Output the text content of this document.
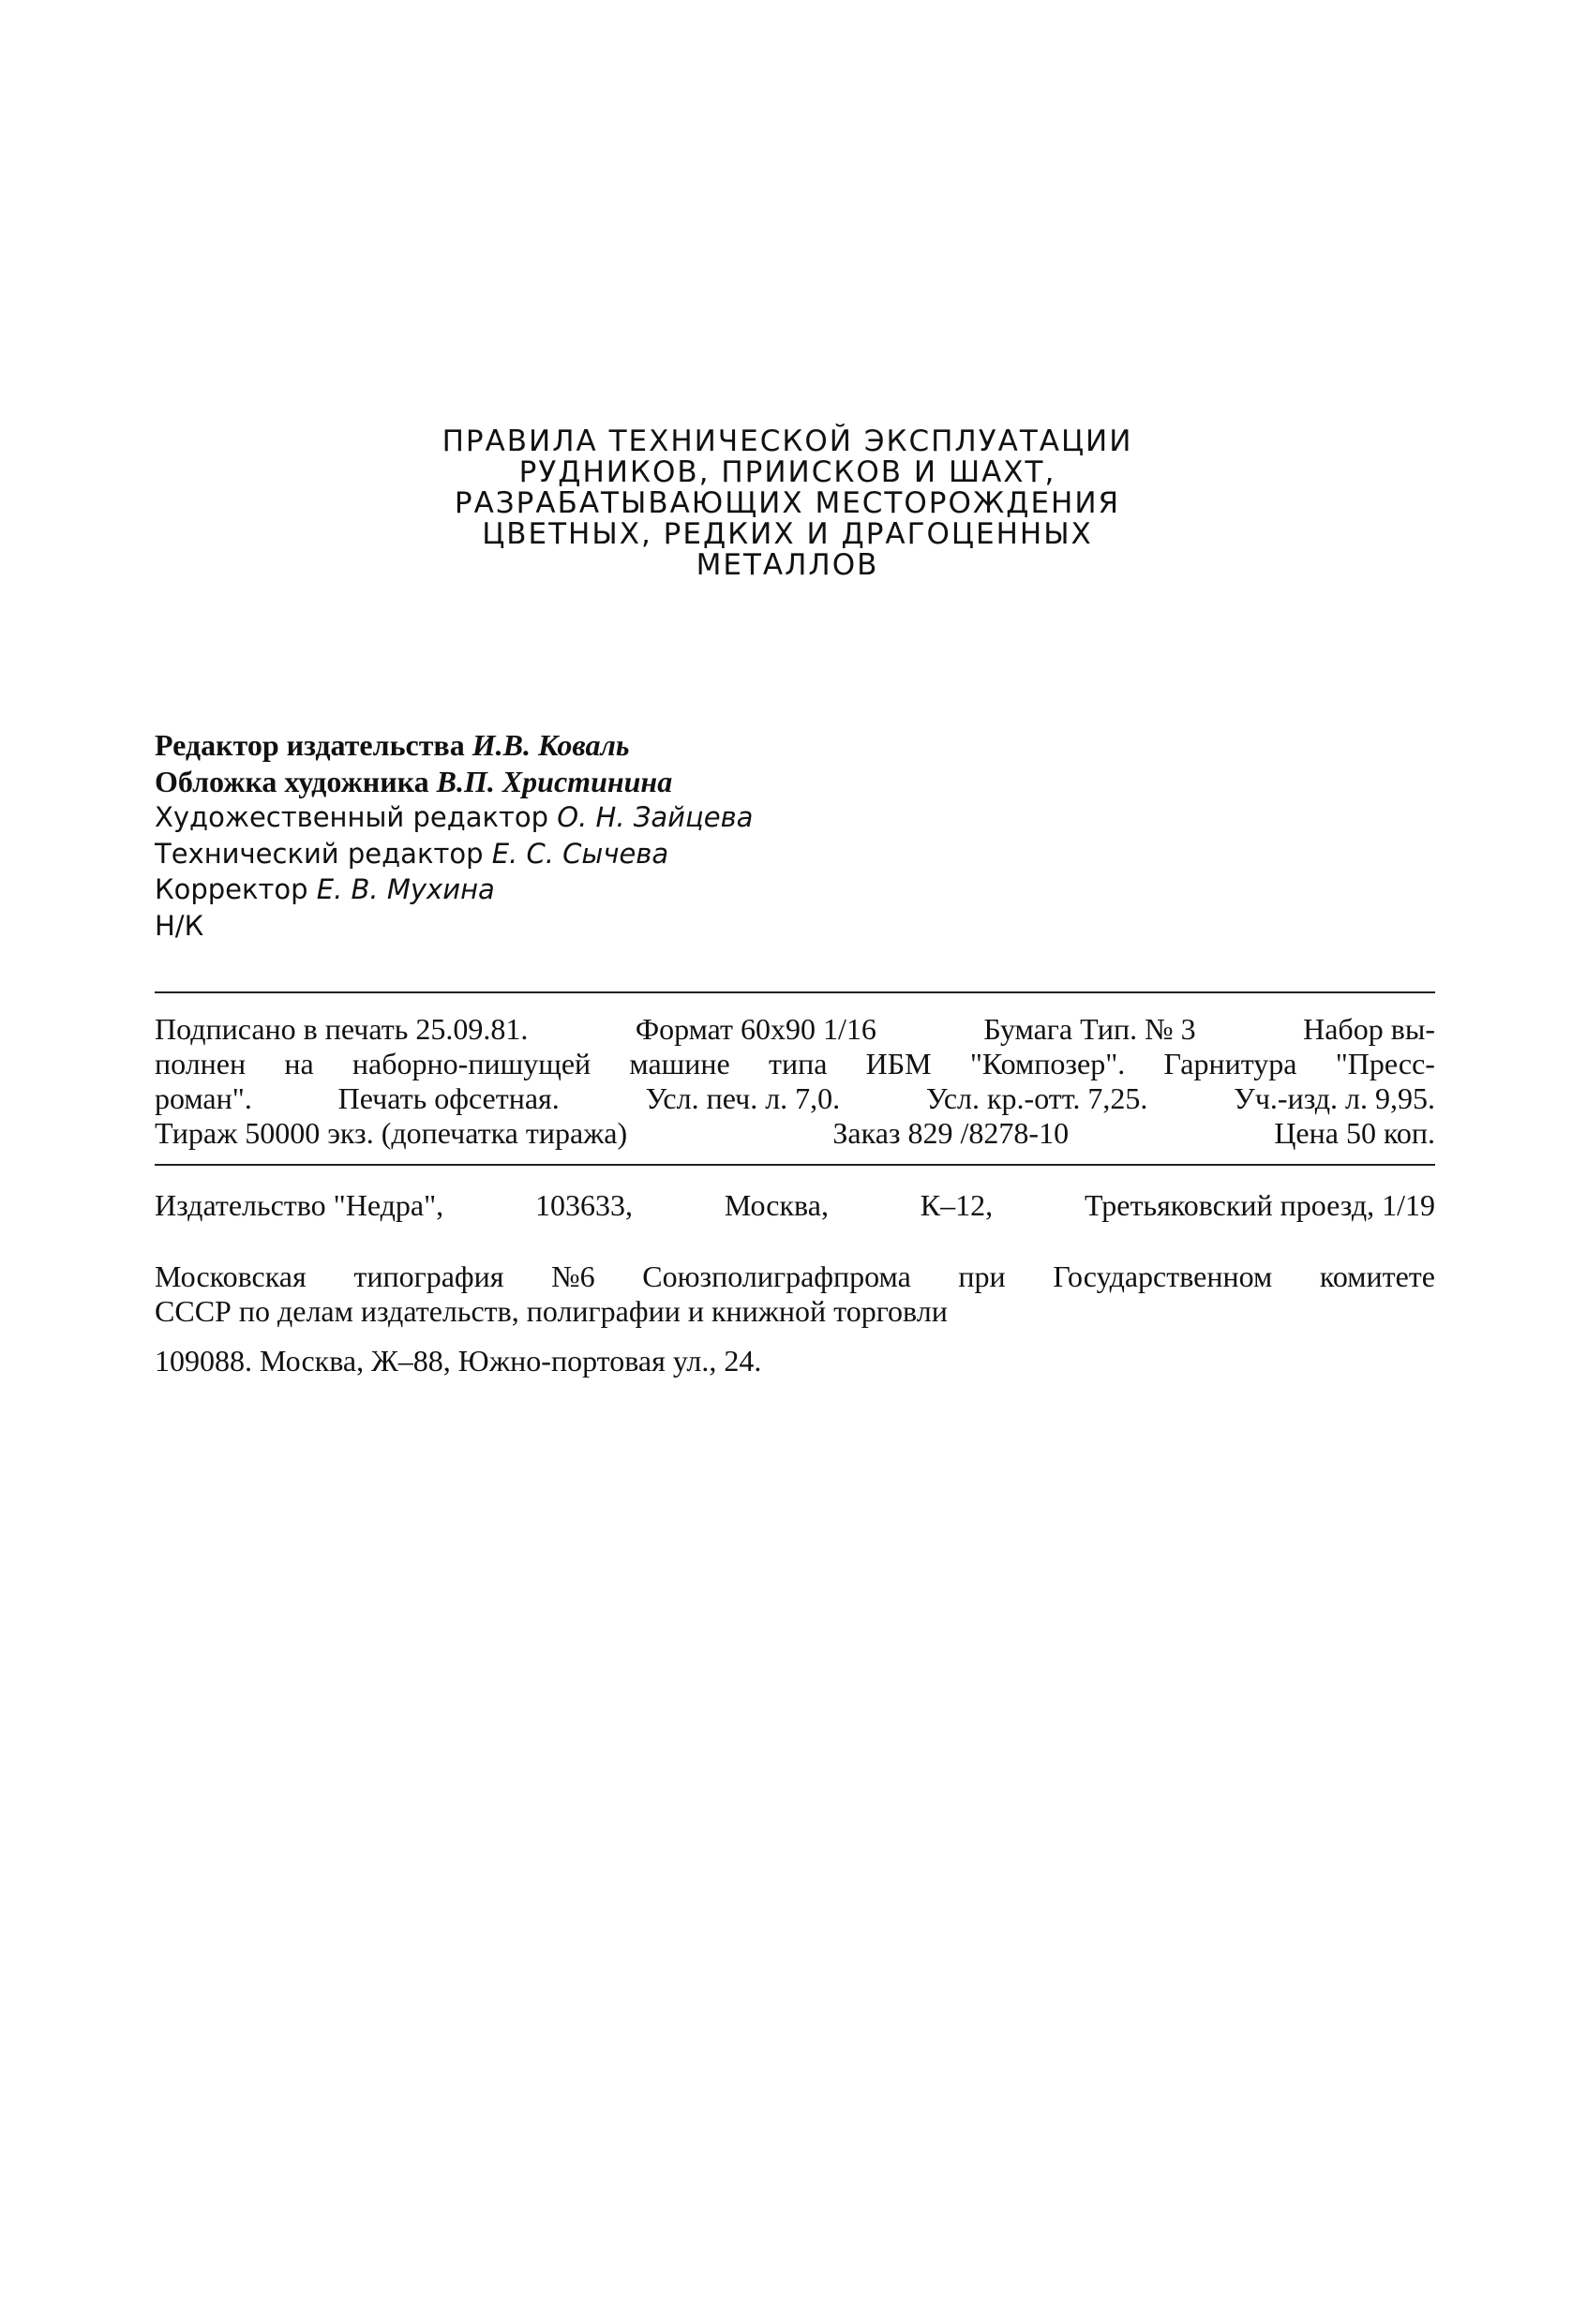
ПРАВИЛА ТЕХНИЧЕСКОЙ ЭКСПЛУАТАЦИИ
РУДНИКОВ, ПРИИСКОВ И ШАХТ,
РАЗРАБАТЫВАЮЩИХ МЕСТОРОЖДЕНИЯ
ЦВЕТНЫХ, РЕДКИХ И ДРАГОЦЕННЫХ
МЕТАЛЛОВ
Редактор издательства И.В. Коваль
Обложка художника В.П. Христинина
Художественный редактор О. Н. Зайцева
Технический редактор Е. С. Сычева
Корректор Е. В. Мухина
Н/К
Подписано в печать 25.09.81.	Формат 60x90 1/16	Бумага Тип. № 3	Набор вы-
полнен на наборно-пишущей машине типа ИБМ "Композер". Гарнитура "Пресс-
роман".	Печать офсетная.	Усл. печ. л. 7,0.	Усл. кр.-отт. 7,25.	Уч.-изд. л. 9,95.
Тираж 50000 экз. (допечатка тиража)	Заказ 829 /8278-10	Цена 50 коп.
Издательство "Недра",	103633,	Москва,	К–12,	Третьяковский проезд, 1/19
Московская типография №6 Союзполиграфпрома при Государственном комитете
СССР по делам издательств, полиграфии и книжной торговли
109088. Москва, Ж–88, Южно-портовая ул., 24.
